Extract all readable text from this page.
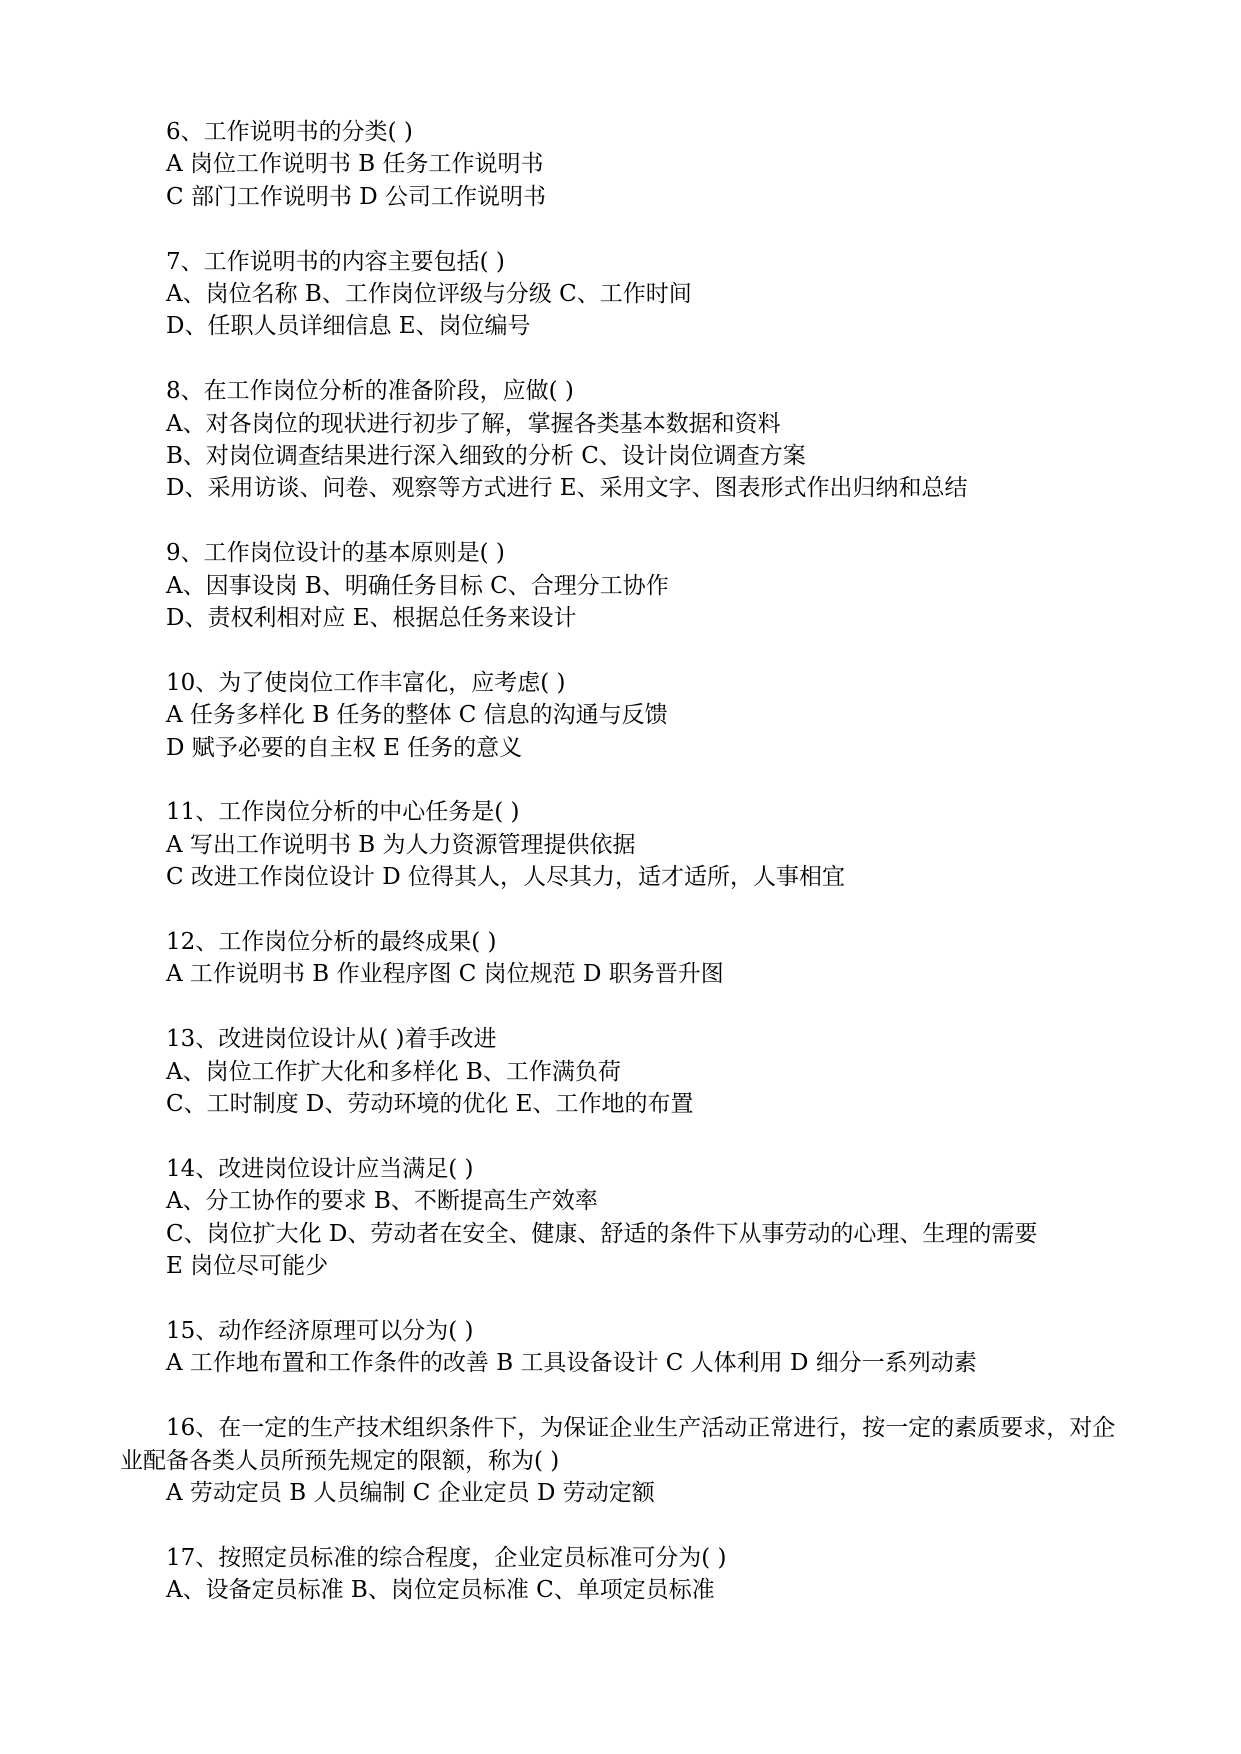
6、工作说明书的分类( )
A 岗位工作说明书 B 任务工作说明书
C 部门工作说明书 D 公司工作说明书
7、工作说明书的内容主要包括( )
A、岗位名称 B、工作岗位评级与分级 C、工作时间
D、任职人员详细信息 E、岗位编号
8、在工作岗位分析的准备阶段，应做( )
A、对各岗位的现状进行初步了解，掌握各类基本数据和资料
B、对岗位调查结果进行深入细致的分析 C、设计岗位调查方案
D、采用访谈、问卷、观察等方式进行 E、采用文字、图表形式作出归纳和总结
9、工作岗位设计的基本原则是( )
A、因事设岗 B、明确任务目标 C、合理分工协作
D、责权利相对应 E、根据总任务来设计
10、为了使岗位工作丰富化，应考虑( )
A 任务多样化 B 任务的整体 C 信息的沟通与反馈
D 赋予必要的自主权 E 任务的意义
11、工作岗位分析的中心任务是( )
A 写出工作说明书 B 为人力资源管理提供依据
C 改进工作岗位设计 D 位得其人，人尽其力，适才适所，人事相宜
12、工作岗位分析的最终成果( )
A 工作说明书 B 作业程序图 C 岗位规范 D 职务晋升图
13、改进岗位设计从( )着手改进
A、岗位工作扩大化和多样化 B、工作满负荷
C、工时制度 D、劳动环境的优化 E、工作地的布置
14、改进岗位设计应当满足( )
A、分工协作的要求 B、不断提高生产效率
C、岗位扩大化 D、劳动者在安全、健康、舒适的条件下从事劳动的心理、生理的需要
E 岗位尽可能少
15、动作经济原理可以分为( )
A 工作地布置和工作条件的改善 B 工具设备设计 C 人体利用 D 细分一系列动素
16、在一定的生产技术组织条件下，为保证企业生产活动正常进行，按一定的素质要求，对企业配备各类人员所预先规定的限额，称为( )
A 劳动定员 B 人员编制 C 企业定员 D 劳动定额
17、按照定员标准的综合程度，企业定员标准可分为( )
A、设备定员标准 B、岗位定员标准 C、单项定员标准
